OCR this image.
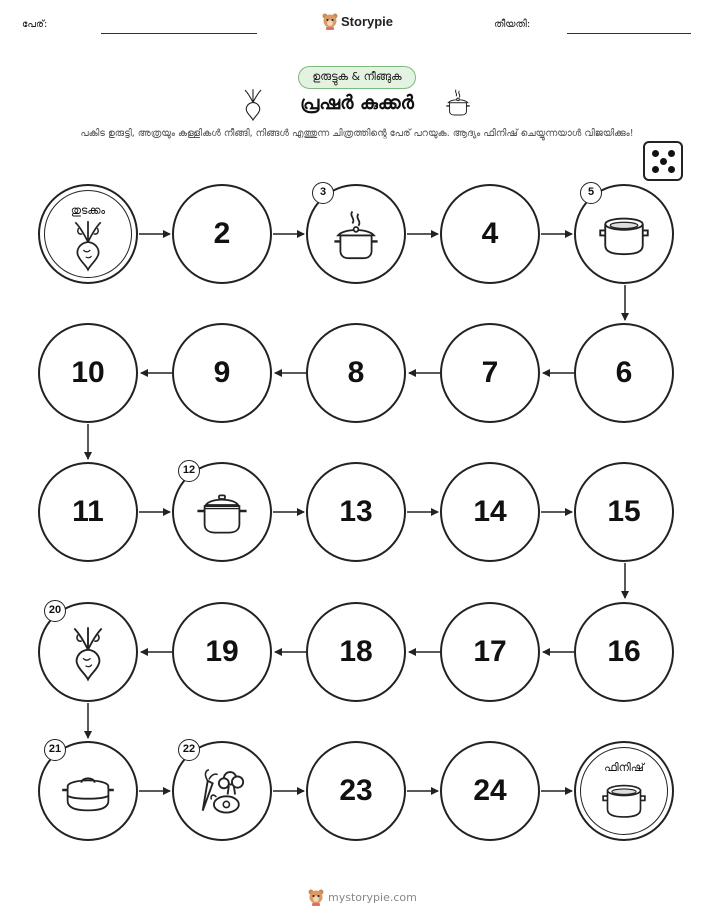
പേര്:	Storypie	തീയതി:
ഉരുട്ടുക & നീങ്ങുക
പ്രഷർ കുക്കർ
പകിട ഉരുട്ടി, അത്രയും കള്ളികൾ നീങ്ങി, നിങ്ങൾ എത്തുന്ന ചിത്രത്തിന്റെ പേര് പറയുക. ആദ്യം ഫിനിഷ് ചെയ്യുന്നയാൾ വിജയിക്കും!
തുടക്കം
2
3
4
5
10	9	8	7	6
11
12
13	14	15
20
19	18	17	16
21	22
23	24
ഫിനിഷ്
mystorypie.com
